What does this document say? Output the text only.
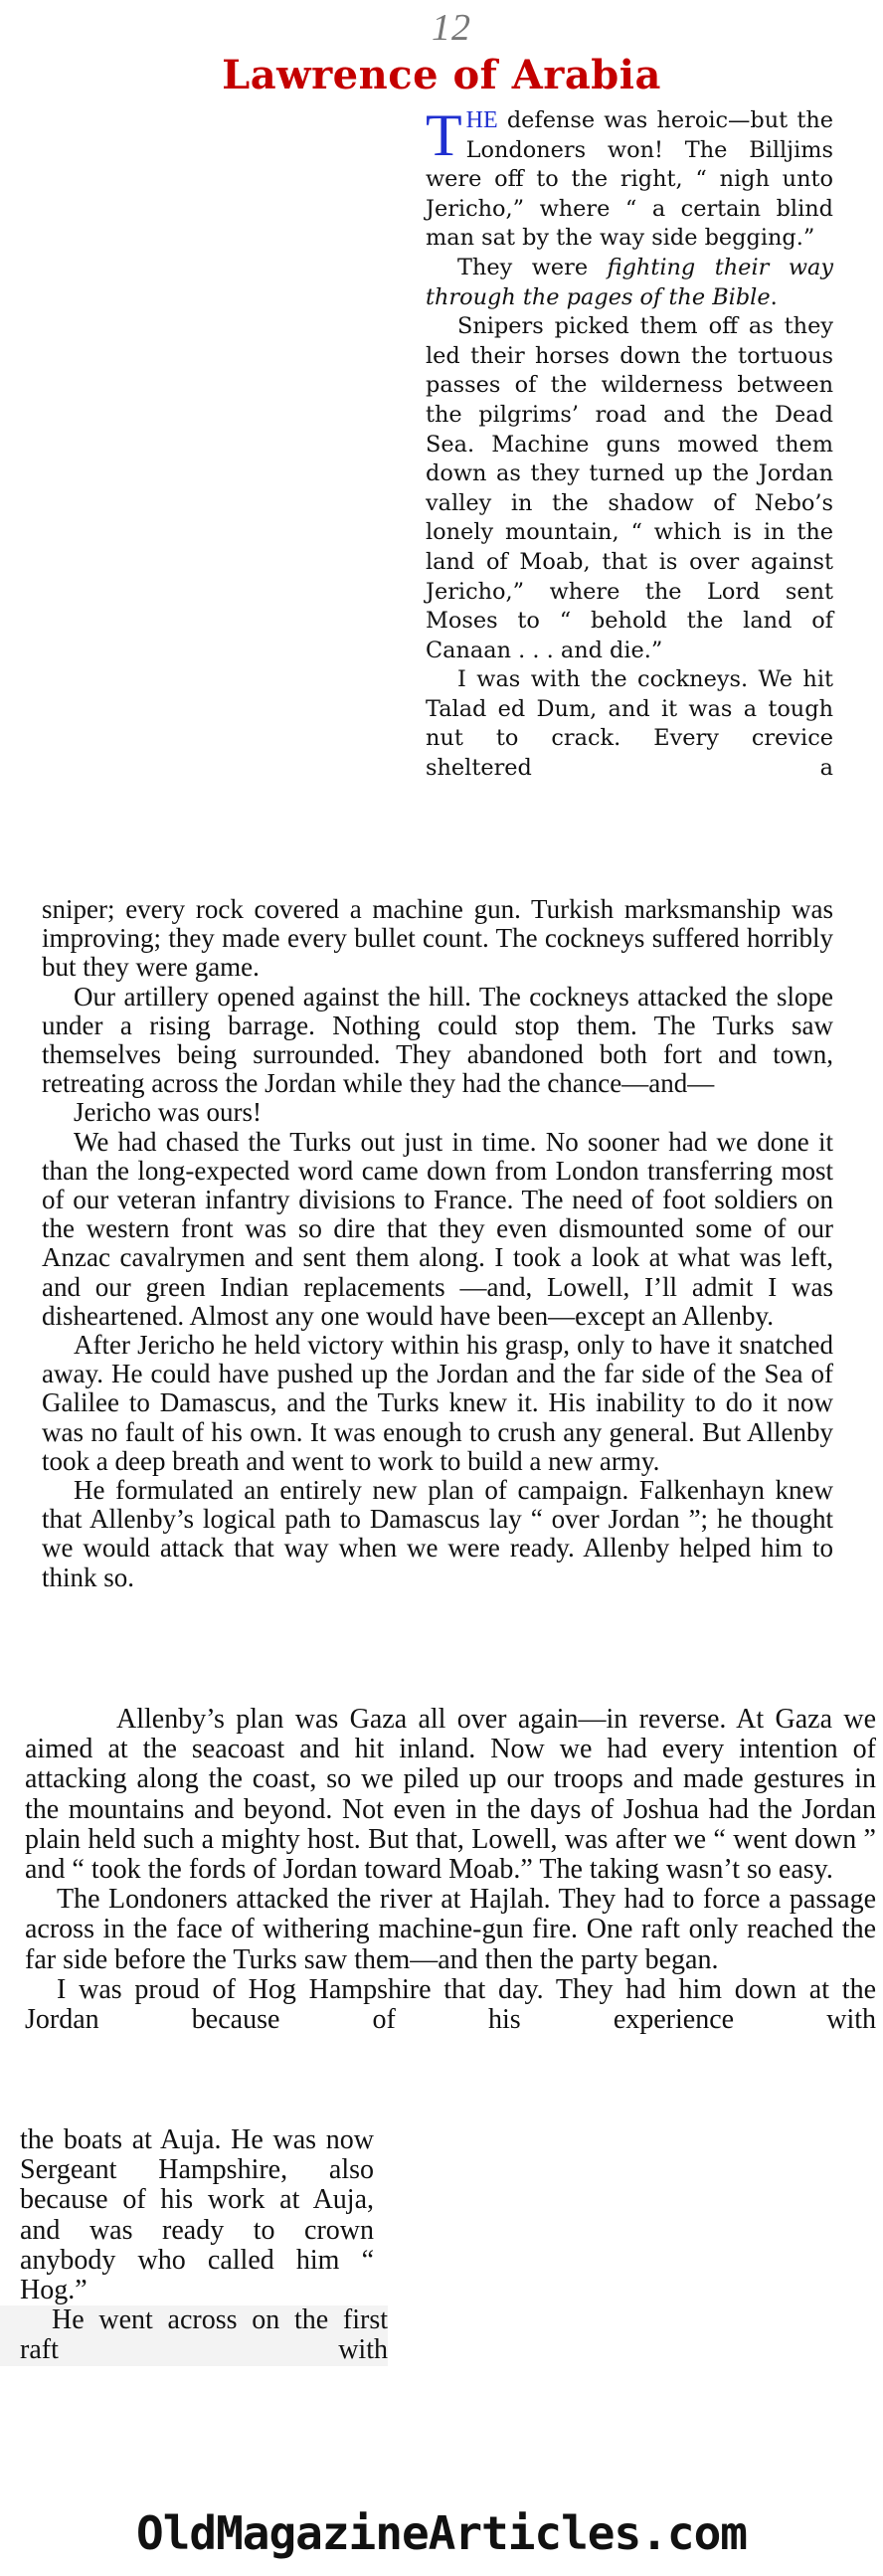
12
Lawrence of Arabia

THE defense was heroic—but the Londoners won! The Billjims were off to the right, “ nigh unto Jericho,” where “ a certain blind man sat by the way side begging.”

They were fighting their way through the pages of the Bible.

Snipers picked them off as they led their horses down the tortuous passes of the wilderness between the pilgrims’ road and the Dead Sea. Machine guns mowed them down as they turned up the Jordan valley in the shadow of Nebo’s lonely mountain, “ which is in the land of Moab, that is over against Jericho,” where the Lord sent Moses to “ behold the land of Canaan . . . and die.”

I was with the cockneys. We hit Talad ed Dum, and it was a tough nut to crack. Every crevice sheltered a

sniper; every rock covered a machine gun. Turkish marksmanship was improving; they made every bullet count. The cockneys suffered horribly but they were game.

Our artillery opened against the hill. The cockneys attacked the slope under a rising barrage. Nothing could stop them. The Turks saw themselves being surrounded. They abandoned both fort and town, retreating across the Jordan while they had the chance—and—

Jericho was ours!

We had chased the Turks out just in time. No sooner had we done it than the long-expected word came down from London transferring most of our veteran infantry divisions to France. The need of foot soldiers on the western front was so dire that they even dismounted some of our Anzac cavalrymen and sent them along. I took a look at what was left, and our green Indian replacements —and, Lowell, I’ll admit I was disheartened. Almost any one would have been—except an Allenby.

After Jericho he held victory within his grasp, only to have it snatched away. He could have pushed up the Jordan and the far side of the Sea of Galilee to Damascus, and the Turks knew it. His inability to do it now was no fault of his own. It was enough to crush any general. But Allenby took a deep breath and went to work to build a new army.

He formulated an entirely new plan of campaign. Falkenhayn knew that Allenby’s logical path to Damascus lay “ over Jordan ”; he thought we would attack that way when we were ready. Allenby helped him to think so.

Allenby’s plan was Gaza all over again—in reverse. At Gaza we aimed at the seacoast and hit inland. Now we had every intention of attacking along the coast, so we piled up our troops and made gestures in the mountains and beyond. Not even in the days of Joshua had the Jordan plain held such a mighty host. But that, Lowell, was after we “ went down ” and “ took the fords of Jordan toward Moab.” The taking wasn’t so easy.

The Londoners attacked the river at Hajlah. They had to force a passage across in the face of withering machine-gun fire. One raft only reached the far side before the Turks saw them—and then the party began.

I was proud of Hog Hampshire that day. They had him down at the Jordan because of his experience with

the boats at Auja. He was now Sergeant Hampshire, also because of his work at Auja, and was ready to crown anybody who called him “ Hog.”

He went across on the first raft with

OldMagazineArticles.com
